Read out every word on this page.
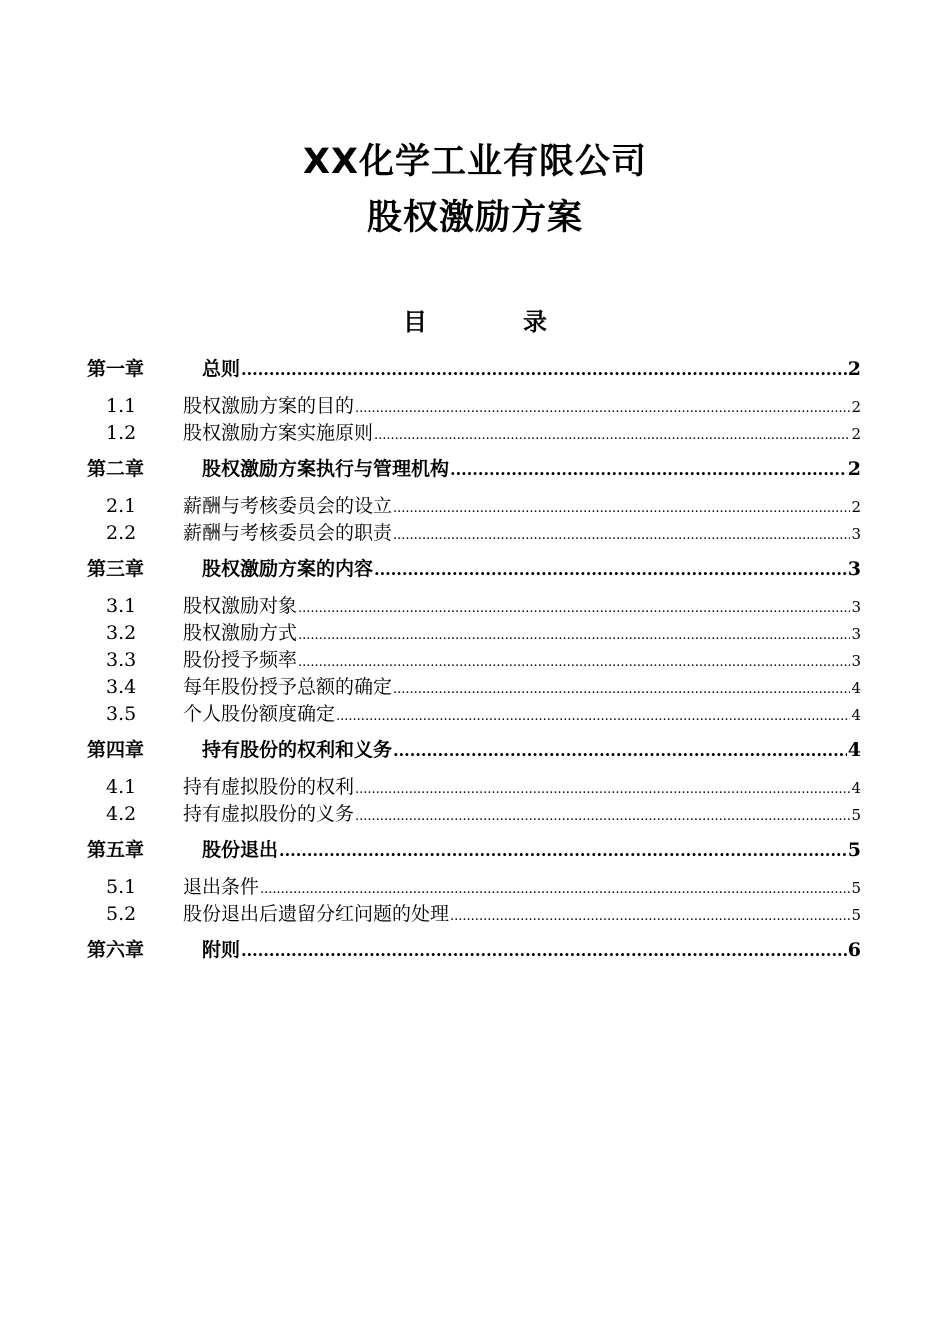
XX化学工业有限公司
股权激励方案
目	录
第一章	总则 .....	2
1.1	股权激励方案的目的 .....	2
1.2	股权激励方案实施原则 .....	2
第二章	股权激励方案执行与管理机构 .....	2
2.1	薪酬与考核委员会的设立 .....	2
2.2	薪酬与考核委员会的职责 .....	3
第三章	股权激励方案的内容 .....	3
3.1	股权激励对象 .....	3
3.2	股权激励方式 .....	3
3.3	股份授予频率 .....	3
3.4	每年股份授予总额的确定 .....	4
3.5	个人股份额度确定 .....	4
第四章	持有股份的权利和义务 .....	4
4.1	持有虚拟股份的权利 .....	4
4.2	持有虚拟股份的义务 .....	5
第五章	股份退出 .....	5
5.1	退出条件 .....	5
5.2	股份退出后遗留分红问题的处理 .....	5
第六章	附则 .....	6
